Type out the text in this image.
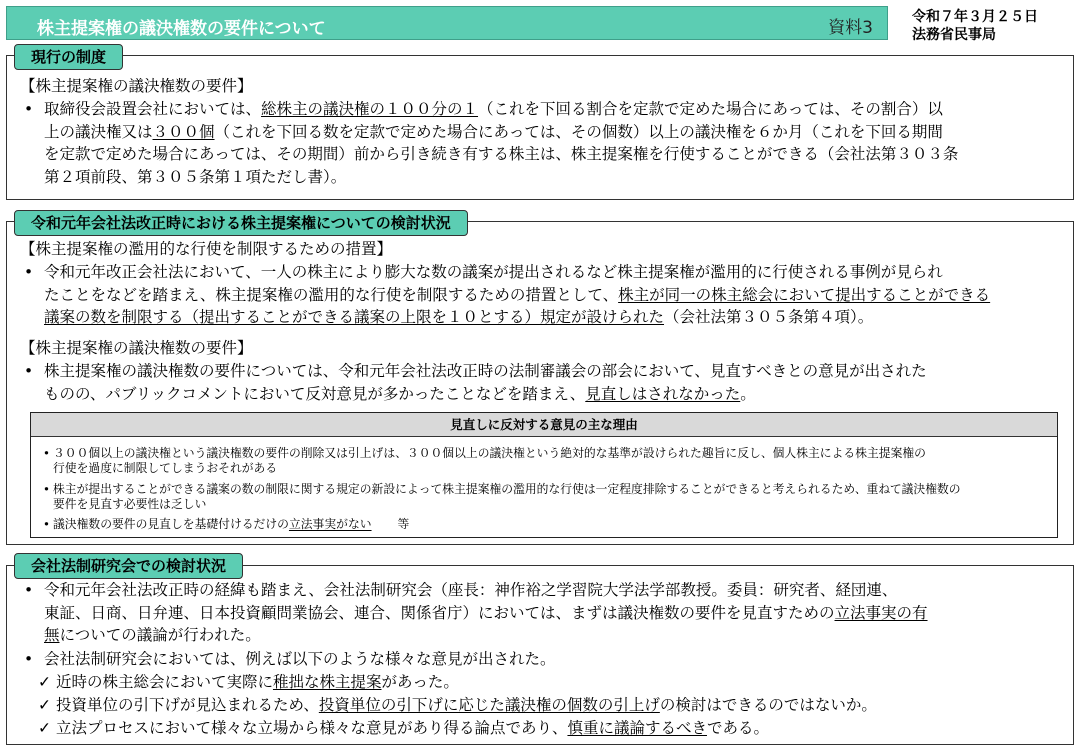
株主提案権の議決権数の要件について	資料3
令和７年３月２５日
法務省民事局
現行の制度
【株主提案権の議決権数の要件】
• 取締役会設置会社においては、総株主の議決権の１００分の１（これを下回る割合を定款で定めた場合にあっては、その割合）以
上の議決権又は３００個（これを下回る数を定款で定めた場合にあっては、その個数）以上の議決権を６か月（これを下回る期間
を定款で定めた場合にあっては、その期間）前から引き続き有する株主は、株主提案権を行使することができる（会社法第３０３条
第２項前段、第３０５条第１項ただし書）。
令和元年会社法改正時における株主提案権についての検討状況
【株主提案権の濫用的な行使を制限するための措置】
• 令和元年改正会社法において、一人の株主により膨大な数の議案が提出されるなど株主提案権が濫用的に行使される事例が見られ
たことをなどを踏まえ、株主提案権の濫用的な行使を制限するための措置として、株主が同一の株主総会において提出することができる
議案の数を制限する（提出することができる議案の上限を１０とする）規定が設けられた（会社法第３０５条第４項）。
【株主提案権の議決権数の要件】
• 株主提案権の議決権数の要件については、令和元年会社法改正時の法制審議会の部会において、見直すべきとの意見が出された
ものの、パブリックコメントにおいて反対意見が多かったことなどを踏まえ、見直しはされなかった。
見直しに反対する意見の主な理由
• ３００個以上の議決権という議決権数の要件の削除又は引上げは、３００個以上の議決権という絶対的な基準が設けられた趣旨に反し、個人株主による株主提案権の
行使を過度に制限してしまうおそれがある
• 株主が提出することができる議案の数の制限に関する規定の新設によって株主提案権の濫用的な行使は一定程度排除することができると考えられるため、重ねて議決権数の
要件を見直す必要性は乏しい
• 議決権数の要件の見直しを基礎付けるだけの立法事実がない 等
会社法制研究会での検討状況
• 令和元年会社法改正時の経緯も踏まえ、会社法制研究会（座長：神作裕之学習院大学法学部教授。委員：研究者、経団連、
東証、日商、日弁連、日本投資顧問業協会、連合、関係省庁）においては、まずは議決権数の要件を見直すための立法事実の有
無についての議論が行われた。
• 会社法制研究会においては、例えば以下のような様々な意見が出された。
✓ 近時の株主総会において実際に稚拙な株主提案があった。
✓ 投資単位の引下げが見込まれるため、投資単位の引下げに応じた議決権の個数の引上げの検討はできるのではないか。
✓ 立法プロセスにおいて様々な立場から様々な意見があり得る論点であり、慎重に議論するべきである。
